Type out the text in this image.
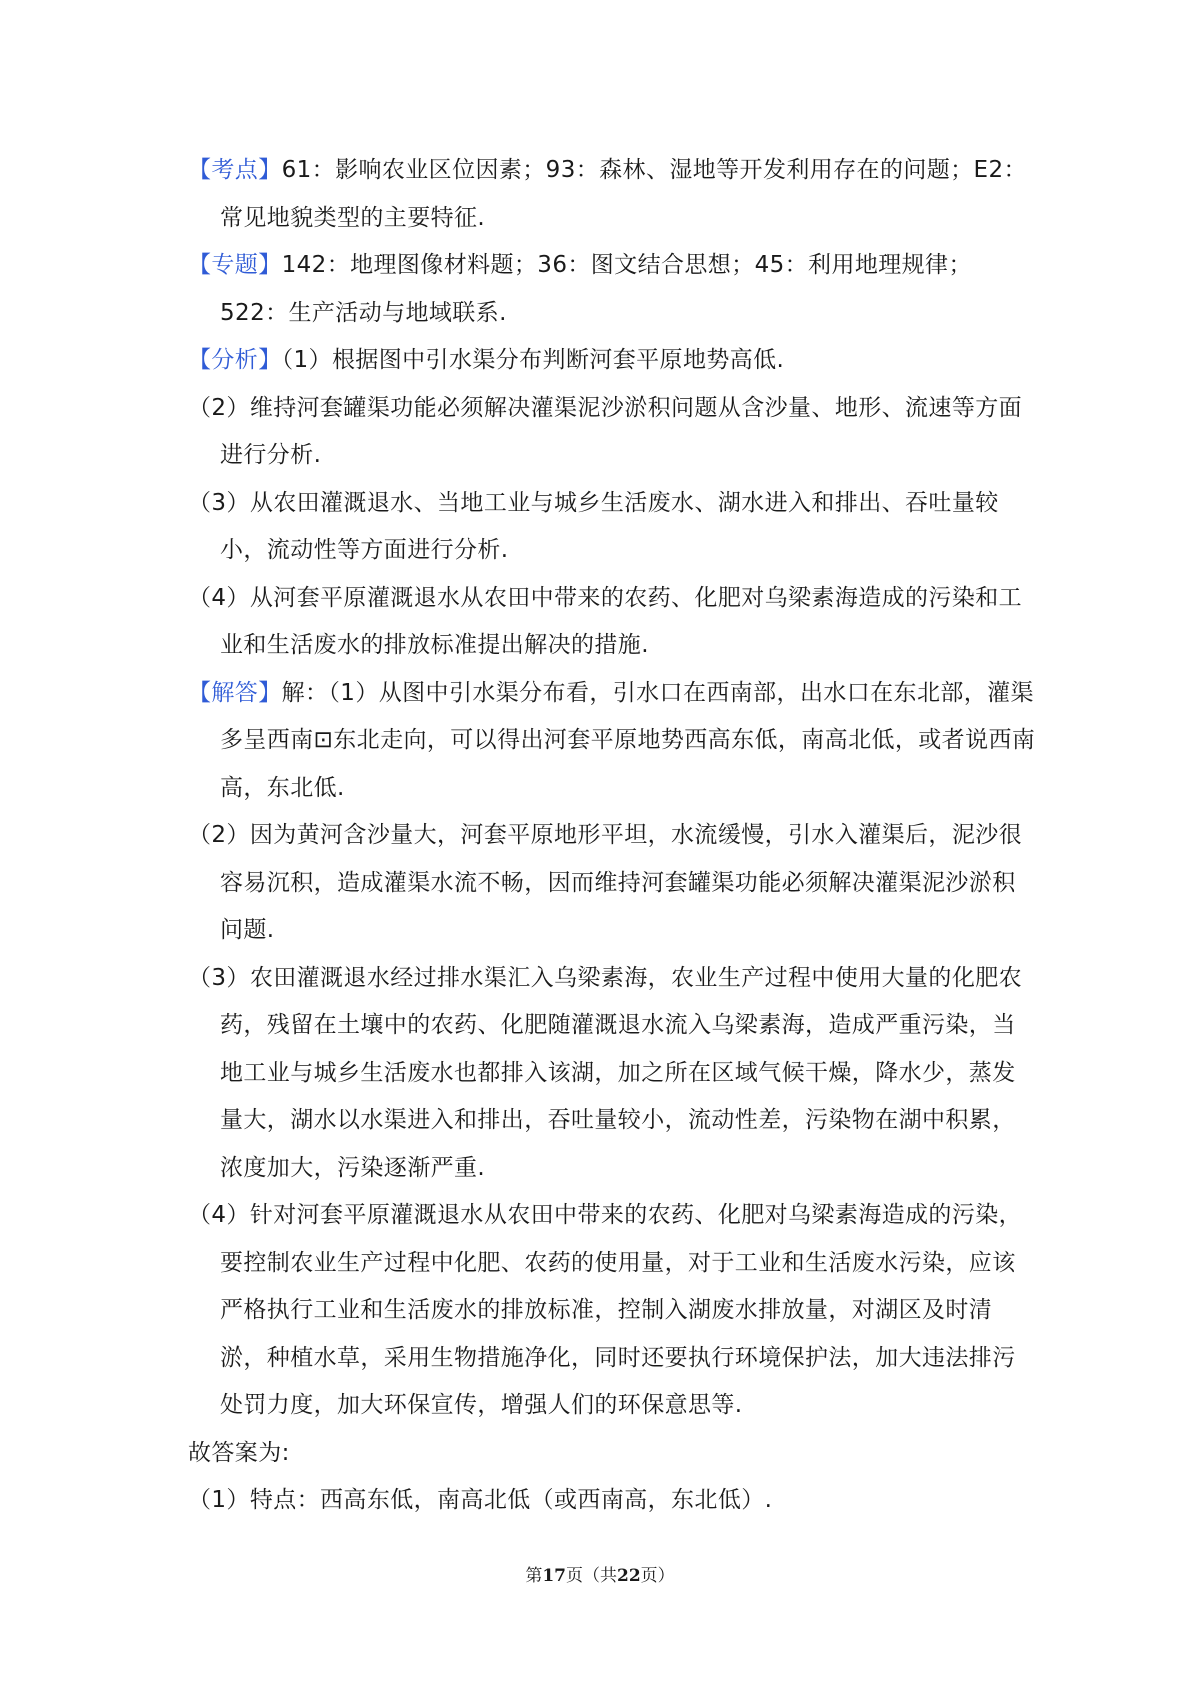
【考点】61：影响农业区位因素；93：森林、湿地等开发利用存在的问题；E2：常见地貌类型的主要特征.

【专题】142：地理图像材料题；36：图文结合思想；45：利用地理规律；522：生产活动与地域联系.

【分析】（1）根据图中引水渠分布判断河套平原地势高低.

（2）维持河套罐渠功能必须解决灌渠泥沙淤积问题从含沙量、地形、流速等方面进行分析.

（3）从农田灌溉退水、当地工业与城乡生活废水、湖水进入和排出、吞吐量较小，流动性等方面进行分析.

（4）从河套平原灌溉退水从农田中带来的农药、化肥对乌梁素海造成的污染和工业和生活废水的排放标准提出解决的措施.

【解答】解：（1）从图中引水渠分布看，引水口在西南部，出水口在东北部，灌渠多呈西南⊡东北走向，可以得出河套平原地势西高东低，南高北低，或者说西南高，东北低.

（2）因为黄河含沙量大，河套平原地形平坦，水流缓慢，引水入灌渠后，泥沙很容易沉积，造成灌渠水流不畅，因而维持河套罐渠功能必须解决灌渠泥沙淤积问题.

（3）农田灌溉退水经过排水渠汇入乌梁素海，农业生产过程中使用大量的化肥农药，残留在土壤中的农药、化肥随灌溉退水流入乌梁素海，造成严重污染，当地工业与城乡生活废水也都排入该湖，加之所在区域气候干燥，降水少，蒸发量大，湖水以水渠进入和排出，吞吐量较小，流动性差，污染物在湖中积累，浓度加大，污染逐渐严重.

（4）针对河套平原灌溉退水从农田中带来的农药、化肥对乌梁素海造成的污染，要控制农业生产过程中化肥、农药的使用量，对于工业和生活废水污染，应该严格执行工业和生活废水的排放标准，控制入湖废水排放量，对湖区及时清淤，种植水草，采用生物措施净化，同时还要执行环境保护法，加大违法排污处罚力度，加大环保宣传，增强人们的环保意思等.

故答案为:

（1）特点：西高东低，南高北低（或西南高，东北低）.

第17页（共22页）
